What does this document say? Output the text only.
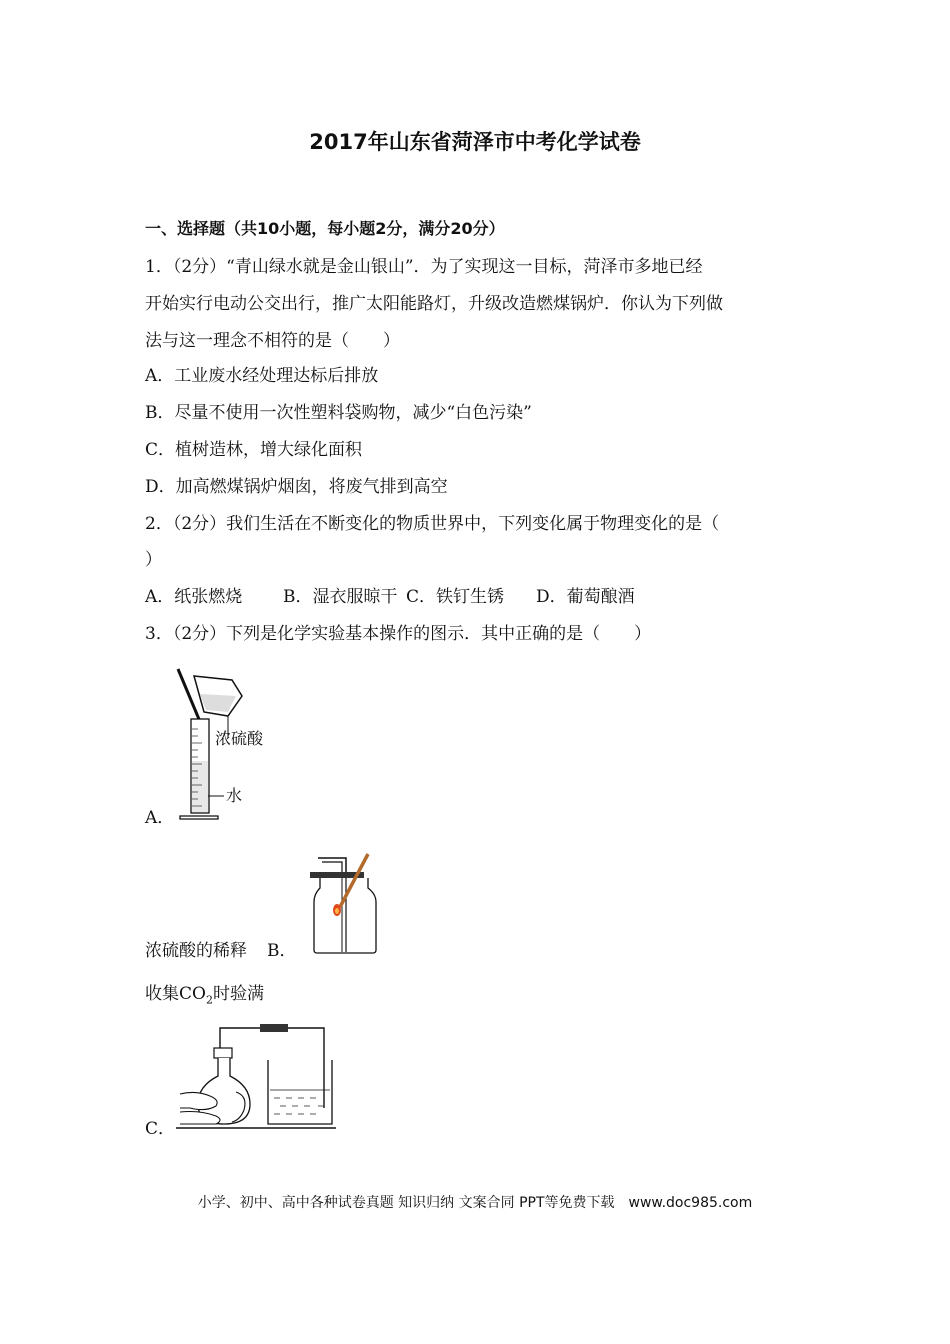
2017年山东省菏泽市中考化学试卷
一、选择题（共10小题，每小题2分，满分20分）
1．（2分）“青山绿水就是金山银山”．为了实现这一目标，菏泽市多地已经
开始实行电动公交出行，推广太阳能路灯，升级改造燃煤锅炉．你认为下列做
法与这一理念不相符的是（　　）
A．工业废水经处理达标后排放
B．尽量不使用一次性塑料袋购物，减少“白色污染”
C．植树造林，增大绿化面积
D．加高燃煤锅炉烟囱，将废气排到高空
2．（2分）我们生活在不断变化的物质世界中，下列变化属于物理变化的是（
）
A．纸张燃烧 B．湿衣服晾干 C．铁钉生锈 D．葡萄酿酒
3．（2分）下列是化学实验基本操作的图示．其中正确的是（　　）
浓硫酸
水
A．
浓硫酸的稀释 B．
收集$CO_2$时验满
C．
小学、初中、高中各种试卷真题 知识归纳 文案合同 PPT等免费下载　www.doc985.com
